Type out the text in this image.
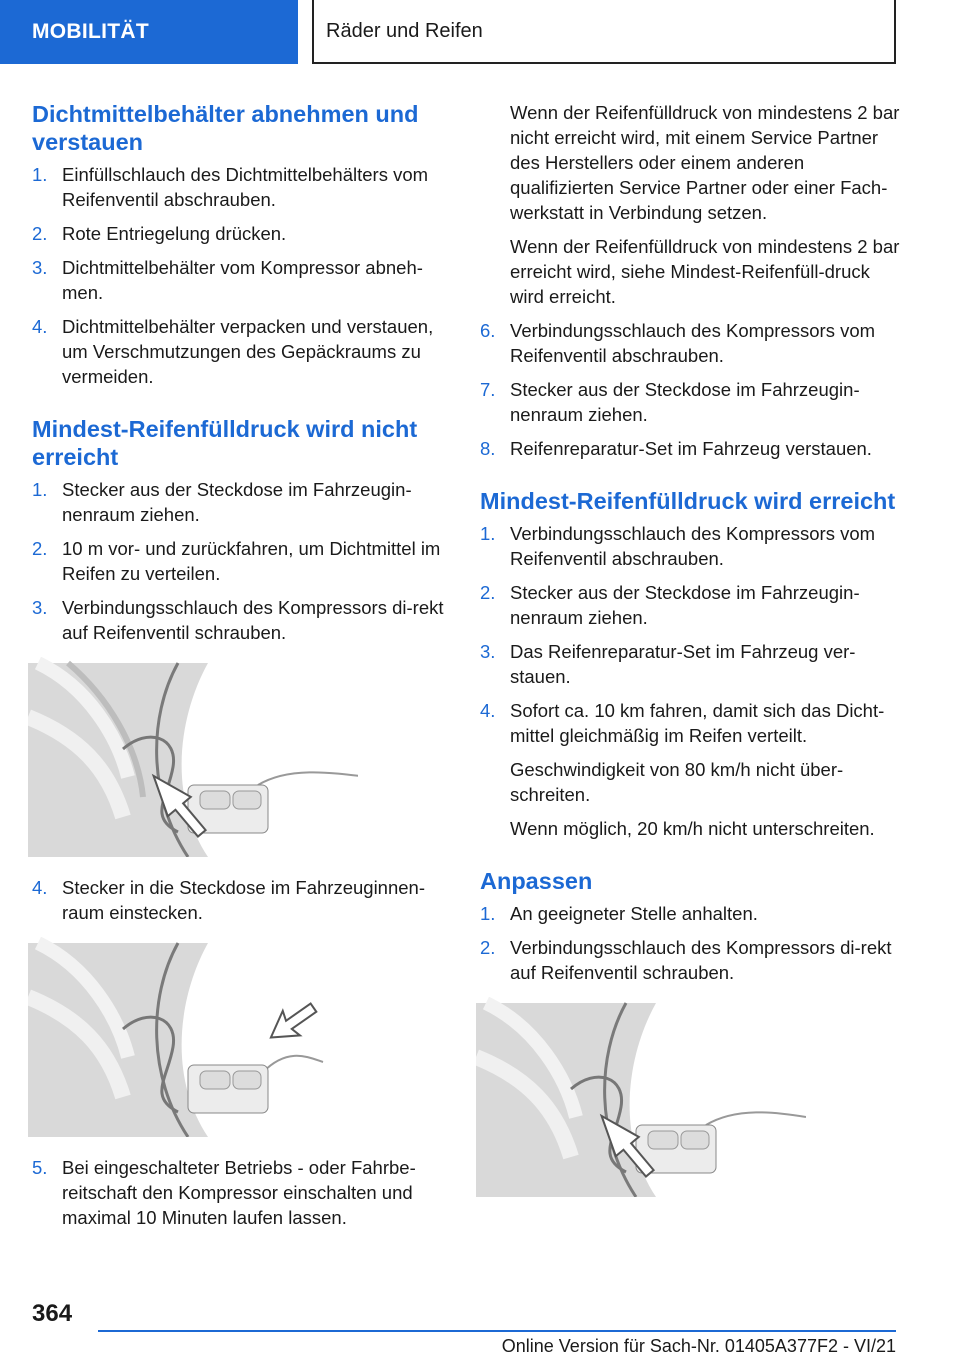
MOBILITÄT	Räder und Reifen
Dichtmittelbehälter abnehmen und verstauen
1. Einfüllschlauch des Dichtmittelbehälters vom Reifenventil abschrauben.
2. Rote Entriegelung drücken.
3. Dichtmittelbehälter vom Kompressor abneh-men.
4. Dichtmittelbehälter verpacken und verstauen, um Verschmutzungen des Gepäckraums zu vermeiden.
Mindest-Reifenfülldruck wird nicht erreicht
1. Stecker aus der Steckdose im Fahrzeugin-nenraum ziehen.
2. 10 m vor- und zurückfahren, um Dichtmittel im Reifen zu verteilen.
3. Verbindungsschlauch des Kompressors di-rekt auf Reifenventil schrauben.
4. Stecker in die Steckdose im Fahrzeuginnen-raum einstecken.
5. Bei eingeschalteter Betriebs - oder Fahrbe-reitschaft den Kompressor einschalten und maximal 10 Minuten laufen lassen.

Wenn der Reifenfülldruck von mindestens 2 bar nicht erreicht wird, mit einem Service Partner des Herstellers oder einem anderen qualifizierten Service Partner oder einer Fach-werkstatt in Verbindung setzen.

Wenn der Reifenfülldruck von mindestens 2 bar erreicht wird, siehe Mindest-Reifenfüll-druck wird erreicht.

6. Verbindungsschlauch des Kompressors vom Reifenventil abschrauben.
7. Stecker aus der Steckdose im Fahrzeugin-nenraum ziehen.
8. Reifenreparatur-Set im Fahrzeug verstauen.
Mindest-Reifenfülldruck wird erreicht
1. Verbindungsschlauch des Kompressors vom Reifenventil abschrauben.
2. Stecker aus der Steckdose im Fahrzeugin-nenraum ziehen.
3. Das Reifenreparatur-Set im Fahrzeug ver-stauen.
4. Sofort ca. 10 km fahren, damit sich das Dicht-mittel gleichmäßig im Reifen verteilt.

Geschwindigkeit von 80 km/h nicht über-schreiten.

Wenn möglich, 20 km/h nicht unterschreiten.

Anpassen
1. An geeigneter Stelle anhalten.
2. Verbindungsschlauch des Kompressors di-rekt auf Reifenventil schrauben.
364
Online Version für Sach-Nr. 01405A377F2 - VI/21
